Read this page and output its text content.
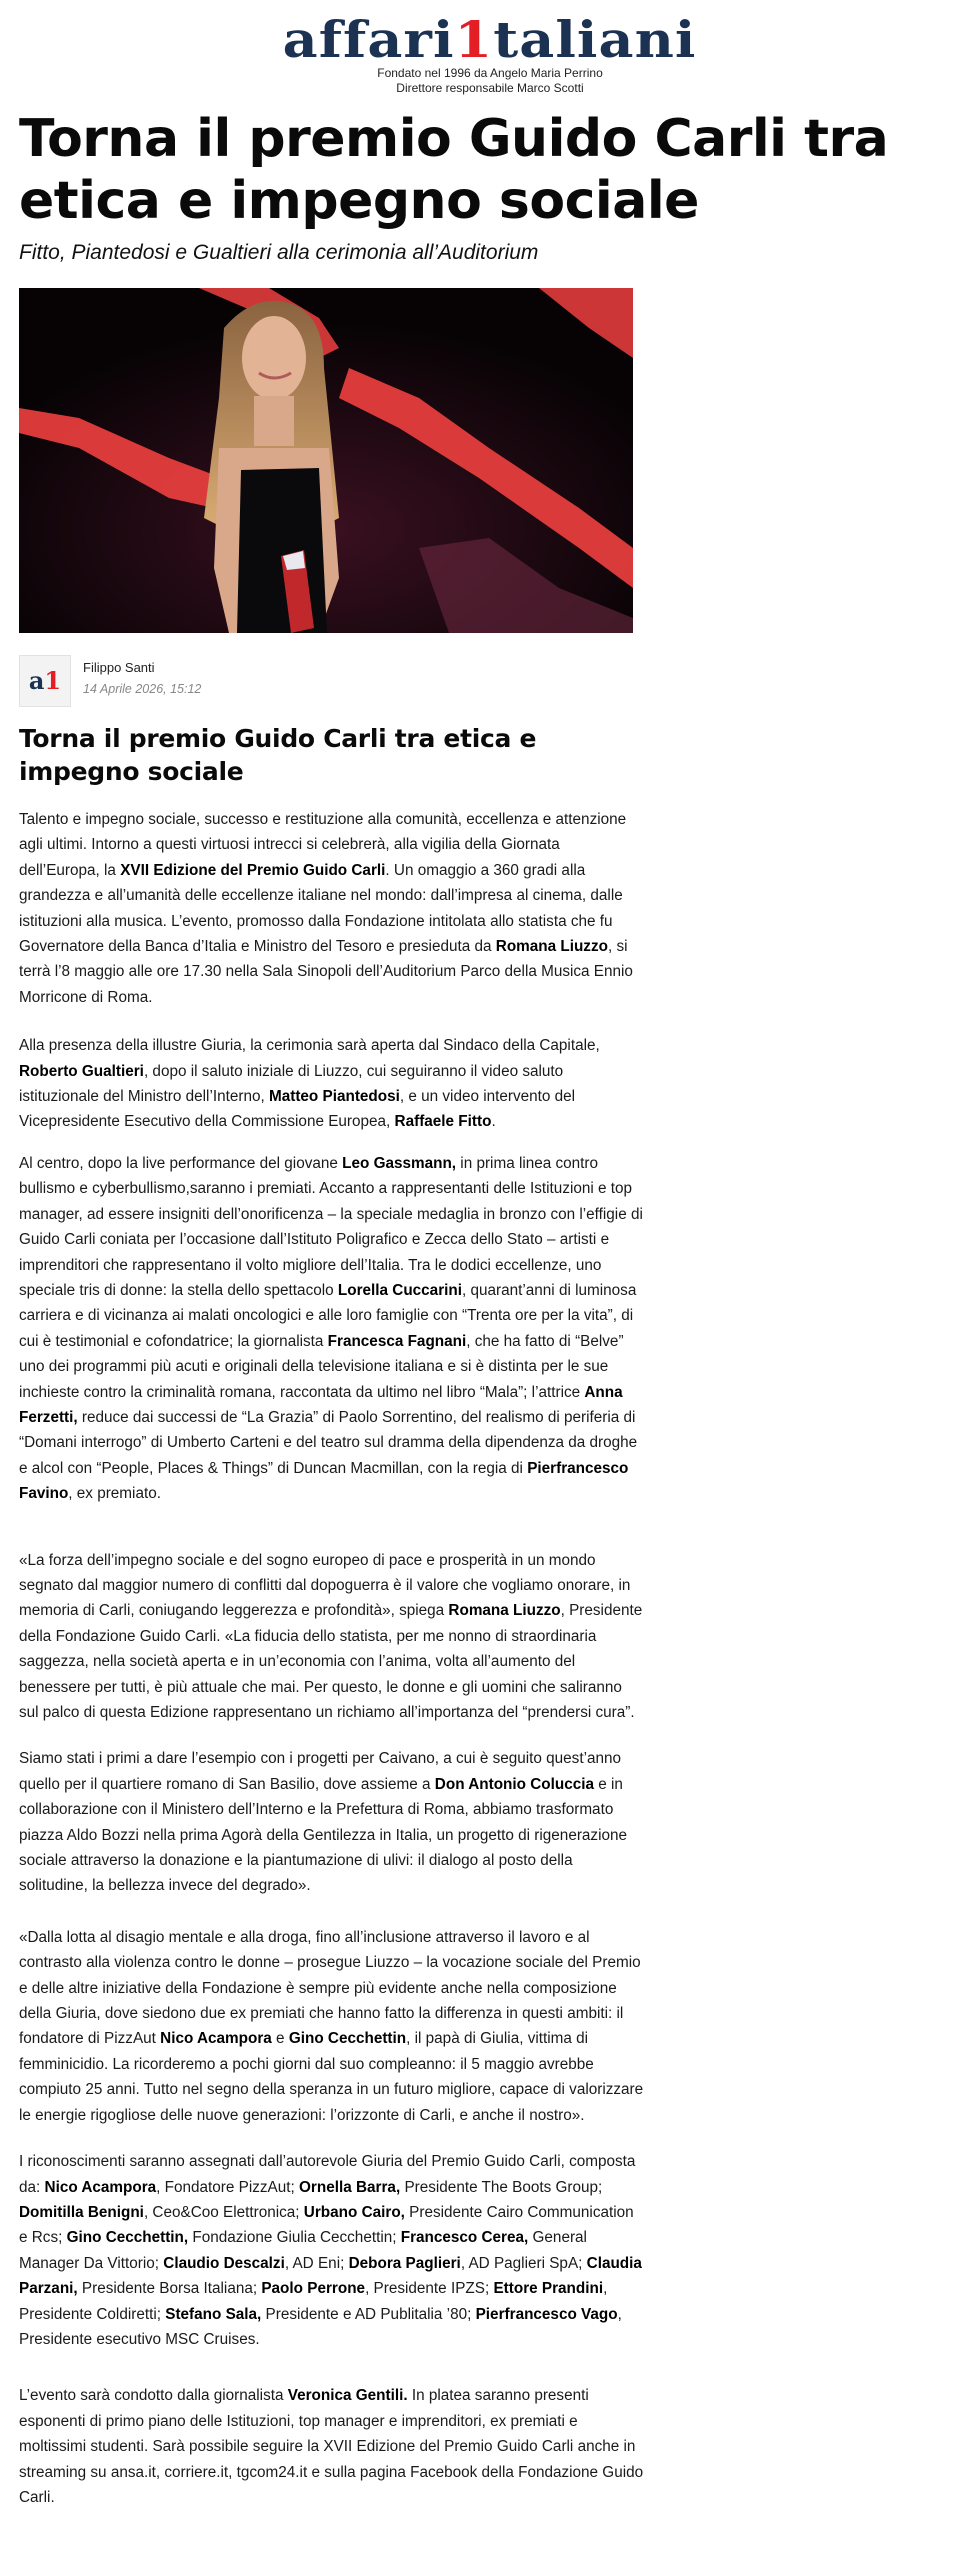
affari1taliani
Fondato nel 1996 da Angelo Maria Perrino
Direttore responsabile Marco Scotti
Torna il premio Guido Carli tra etica e impegno sociale

Fitto, Piantedosi e Gualtieri alla cerimonia all’Auditorium

a1	Filippo Santi
14 Aprile 2026, 15:12
Torna il premio Guido Carli tra etica e impegno sociale

Talento e impegno sociale, successo e restituzione alla comunità, eccellenza e attenzione agli ultimi. Intorno a questi virtuosi intrecci si celebrerà, alla vigilia della Giornata dell’Europa, la XVII Edizione del Premio Guido Carli. Un omaggio a 360 gradi alla grandezza e all’umanità delle eccellenze italiane nel mondo: dall’impresa al cinema, dalle istituzioni alla musica. L’evento, promosso dalla Fondazione intitolata allo statista che fu Governatore della Banca d’Italia e Ministro del Tesoro e presieduta da Romana Liuzzo, si terrà l’8 maggio alle ore 17.30 nella Sala Sinopoli dell’Auditorium Parco della Musica Ennio Morricone di Roma.

Alla presenza della illustre Giuria, la cerimonia sarà aperta dal Sindaco della Capitale, Roberto Gualtieri, dopo il saluto iniziale di Liuzzo, cui seguiranno il video saluto istituzionale del Ministro dell’Interno, Matteo Piantedosi, e un video intervento del Vicepresidente Esecutivo della Commissione Europea, Raffaele Fitto.

Al centro, dopo la live performance del giovane Leo Gassmann, in prima linea contro bullismo e cyberbullismo,saranno i premiati. Accanto a rappresentanti delle Istituzioni e top manager, ad essere insigniti dell’onorificenza – la speciale medaglia in bronzo con l’effigie di Guido Carli coniata per l’occasione dall’Istituto Poligrafico e Zecca dello Stato – artisti e imprenditori che rappresentano il volto migliore dell’Italia. Tra le dodici eccellenze, uno speciale tris di donne: la stella dello spettacolo Lorella Cuccarini, quarant’anni di luminosa carriera e di vicinanza ai malati oncologici e alle loro famiglie con “Trenta ore per la vita”, di cui è testimonial e cofondatrice; la giornalista Francesca Fagnani, che ha fatto di “Belve” uno dei programmi più acuti e originali della televisione italiana e si è distinta per le sue inchieste contro la criminalità romana, raccontata da ultimo nel libro “Mala”; l’attrice Anna Ferzetti, reduce dai successi de “La Grazia” di Paolo Sorrentino, del realismo di periferia di “Domani interrogo” di Umberto Carteni e del teatro sul dramma della dipendenza da droghe e alcol con “People, Places & Things” di Duncan Macmillan, con la regia di Pierfrancesco Favino, ex premiato.

«La forza dell’impegno sociale e del sogno europeo di pace e prosperità in un mondo segnato dal maggior numero di conflitti dal dopoguerra è il valore che vogliamo onorare, in memoria di Carli, coniugando leggerezza e profondità», spiega Romana Liuzzo, Presidente della Fondazione Guido Carli. «La fiducia dello statista, per me nonno di straordinaria saggezza, nella società aperta e in un’economia con l’anima, volta all’aumento del benessere per tutti, è più attuale che mai. Per questo, le donne e gli uomini che saliranno sul palco di questa Edizione rappresentano un richiamo all’importanza del “prendersi cura”.

Siamo stati i primi a dare l’esempio con i progetti per Caivano, a cui è seguito quest’anno quello per il quartiere romano di San Basilio, dove assieme a Don Antonio Coluccia e in collaborazione con il Ministero dell’Interno e la Prefettura di Roma, abbiamo trasformato piazza Aldo Bozzi nella prima Agorà della Gentilezza in Italia, un progetto di rigenerazione sociale attraverso la donazione e la piantumazione di ulivi: il dialogo al posto della solitudine, la bellezza invece del degrado».

«Dalla lotta al disagio mentale e alla droga, fino all’inclusione attraverso il lavoro e al contrasto alla violenza contro le donne – prosegue Liuzzo – la vocazione sociale del Premio e delle altre iniziative della Fondazione è sempre più evidente anche nella composizione della Giuria, dove siedono due ex premiati che hanno fatto la differenza in questi ambiti: il fondatore di PizzAut Nico Acampora e Gino Cecchettin, il papà di Giulia, vittima di femminicidio. La ricorderemo a pochi giorni dal suo compleanno: il 5 maggio avrebbe compiuto 25 anni. Tutto nel segno della speranza in un futuro migliore, capace di valorizzare le energie rigogliose delle nuove generazioni: l’orizzonte di Carli, e anche il nostro».

I riconoscimenti saranno assegnati dall’autorevole Giuria del Premio Guido Carli, composta da: Nico Acampora, Fondatore PizzAut; Ornella Barra, Presidente The Boots Group; Domitilla Benigni, Ceo&Coo Elettronica; Urbano Cairo, Presidente Cairo Communication e Rcs; Gino Cecchettin, Fondazione Giulia Cecchettin; Francesco Cerea, General Manager Da Vittorio; Claudio Descalzi, AD Eni; Debora Paglieri, AD Paglieri SpA; Claudia Parzani, Presidente Borsa Italiana; Paolo Perrone, Presidente IPZS; Ettore Prandini, Presidente Coldiretti; Stefano Sala, Presidente e AD Publitalia ’80; Pierfrancesco Vago, Presidente esecutivo MSC Cruises.

L’evento sarà condotto dalla giornalista Veronica Gentili. In platea saranno presenti esponenti di primo piano delle Istituzioni, top manager e imprenditori, ex premiati e moltissimi studenti. Sarà possibile seguire la XVII Edizione del Premio Guido Carli anche in streaming su ansa.it, corriere.it, tgcom24.it e sulla pagina Facebook della Fondazione Guido Carli.
